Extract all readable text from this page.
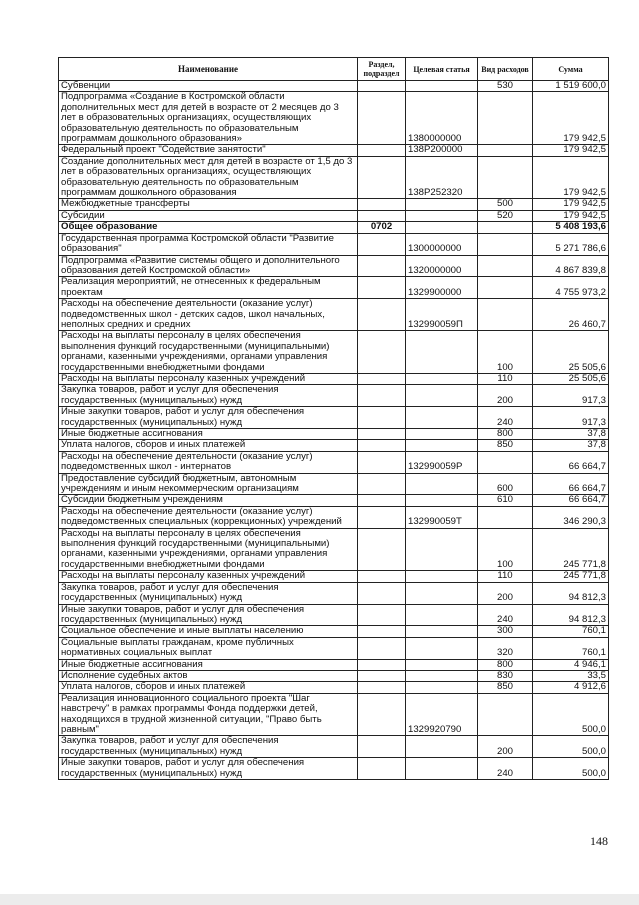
Наименование	Раздел, подраздел	Целевая статья	Вид расходов	Сумма
Субвенции			530	1 519 600,0
Подпрограмма «Создание в Костромской области дополнительных мест для детей в возрасте от 2 месяцев до 3 лет в образовательных организациях, осуществляющих образовательную деятельность по образовательным программам дошкольного образования»		1380000000		179 942,5
Федеральный проект "Содействие занятости"		138P200000		179 942,5
Создание дополнительных мест для детей в возрасте от 1,5 до 3 лет в образовательных организациях, осуществляющих образовательную деятельность по образовательным программам дошкольного образования		138P252320		179 942,5
Межбюджетные трансферты			500	179 942,5
Субсидии			520	179 942,5
Общее образование	0702			5 408 193,6
Государственная программа Костромской области "Развитие образования"		1300000000		5 271 786,6
Подпрограмма «Развитие системы общего и дополнительного образования детей Костромской области»		1320000000		4 867 839,8
Реализация мероприятий, не отнесенных к федеральным проектам		1329900000		4 755 973,2
Расходы на обеспечение деятельности (оказание услуг) подведомственных школ - детских садов, школ начальных, неполных средних и средних		132990059П		26 460,7
Расходы на выплаты персоналу в целях обеспечения выполнения функций государственными (муниципальными) органами, казенными учреждениями, органами управления государственными внебюджетными фондами			100	25 505,6
Расходы на выплаты персоналу казенных учреждений			110	25 505,6
Закупка товаров, работ и услуг для обеспечения государственных (муниципальных) нужд			200	917,3
Иные закупки товаров, работ и услуг для обеспечения государственных (муниципальных) нужд			240	917,3
Иные бюджетные ассигнования			800	37,8
Уплата налогов, сборов и иных платежей			850	37,8
Расходы на обеспечение деятельности (оказание услуг) подведомственных школ - интернатов		132990059Р		66 664,7
Предоставление субсидий бюджетным, автономным учреждениям и иным некоммерческим организациям			600	66 664,7
Субсидии бюджетным учреждениям			610	66 664,7
Расходы на обеспечение деятельности (оказание услуг) подведомственных специальных (коррекционных) учреждений		132990059Т		346 290,3
Расходы на выплаты персоналу в целях обеспечения выполнения функций государственными (муниципальными) органами, казенными учреждениями, органами управления государственными внебюджетными фондами			100	245 771,8
Расходы на выплаты персоналу казенных учреждений			110	245 771,8
Закупка товаров, работ и услуг для обеспечения государственных (муниципальных) нужд			200	94 812,3
Иные закупки товаров, работ и услуг для обеспечения государственных (муниципальных) нужд			240	94 812,3
Социальное обеспечение и иные выплаты населению			300	760,1
Социальные выплаты гражданам, кроме публичных нормативных социальных выплат			320	760,1
Иные бюджетные ассигнования			800	4 946,1
Исполнение судебных актов			830	33,5
Уплата налогов, сборов и иных платежей			850	4 912,6
Реализация инновационного социального проекта "Шаг навстречу" в рамках программы Фонда поддержки детей, находящихся в трудной жизненной ситуации, "Право быть равным"		1329920790		500,0
Закупка товаров, работ и услуг для обеспечения государственных (муниципальных) нужд			200	500,0
Иные закупки товаров, работ и услуг для обеспечения государственных (муниципальных) нужд			240	500,0
148
